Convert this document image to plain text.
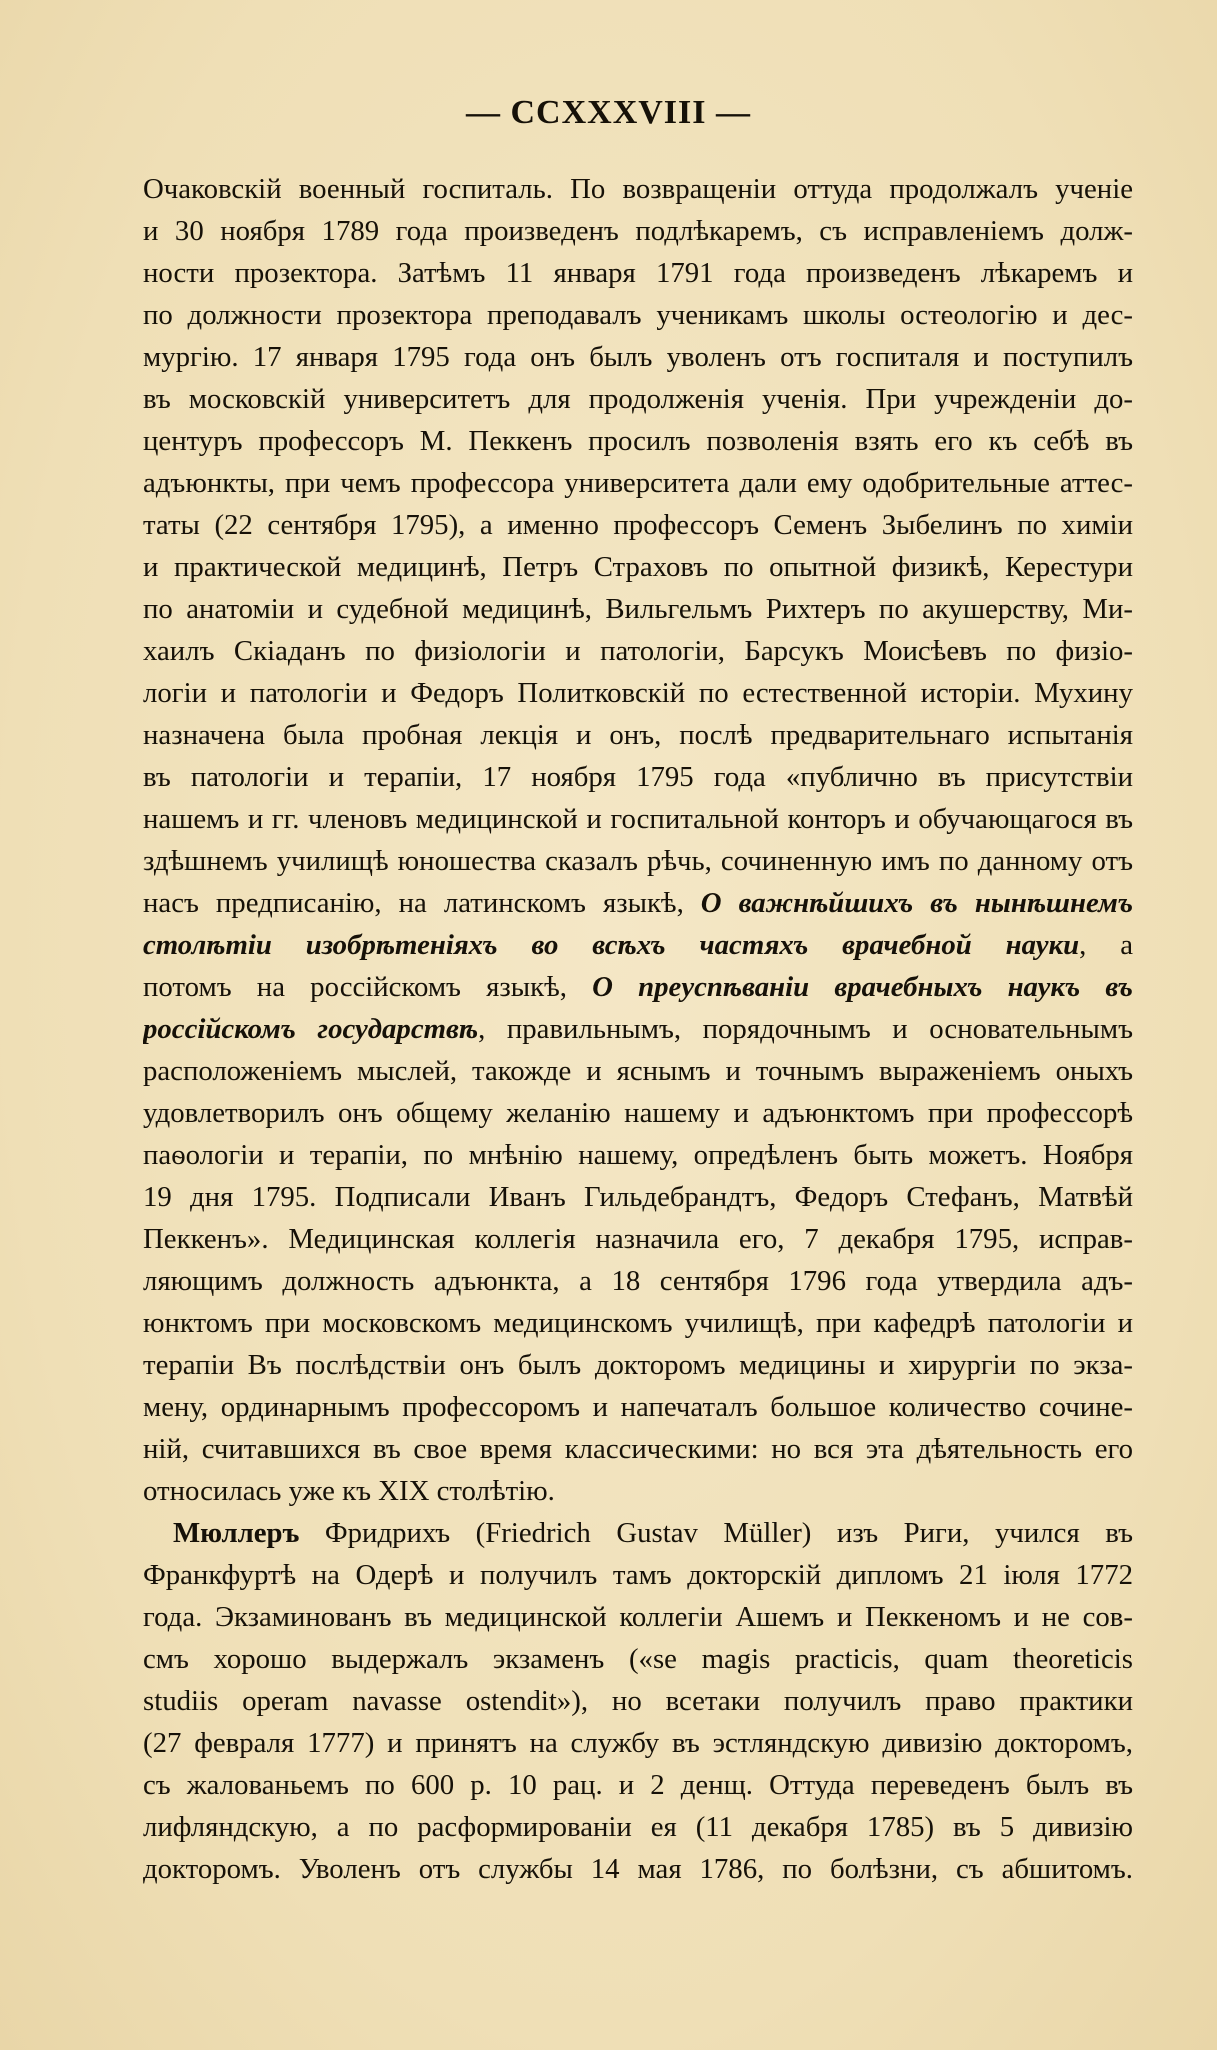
— CCXXXVIII —
Очаковскій военный госпиталь. По возвращеніи оттуда продолжалъ ученіе
и 30 ноября 1789 года произведенъ подлѣкаремъ, съ исправленіемъ долж-
ности прозектора. Затѣмъ 11 января 1791 года произведенъ лѣкаремъ и
по должности прозектора преподавалъ ученикамъ школы остеологію и дес-
мургію. 17 января 1795 года онъ былъ уволенъ отъ госпиталя и поступилъ
въ московскій университетъ для продолженія ученія. При учрежденіи до-
центуръ профессоръ М. Пеккенъ просилъ позволенія взять его къ себѣ въ
адъюнкты, при чемъ профессора университета дали ему одобрительные аттес-
таты (22 сентября 1795), а именно профессоръ Семенъ Зыбелинъ по химіи
и практической медицинѣ, Петръ Страховъ по опытной физикѣ, Керестури
по анатоміи и судебной медицинѣ, Вильгельмъ Рихтеръ по акушерству, Ми-
хаилъ Скіаданъ по физіологіи и патологіи, Барсукъ Моисѣевъ по физіо-
логіи и патологіи и Федоръ Политковскій по естественной исторіи. Мухину
назначена была пробная лекція и онъ, послѣ предварительнаго испытанія
въ патологіи и терапіи, 17 ноября 1795 года «публично въ присутствіи
нашемъ и гг. членовъ медицинской и госпитальной конторъ и обучающагося въ
здѣшнемъ училищѣ юношества сказалъ рѣчь, сочиненную имъ по данному отъ
насъ предписанію, на латинскомъ языкѣ, О важнѣйшихъ въ нынѣшнемъ
столѣтіи изобрѣтеніяхъ во всѣхъ частяхъ врачебной науки, а
потомъ на россійскомъ языкѣ, О преуспѣваніи врачебныхъ наукъ въ
россійскомъ государствѣ, правильнымъ, порядочнымъ и основательнымъ
расположеніемъ мыслей, такожде и яснымъ и точнымъ выраженіемъ оныхъ
удовлетворилъ онъ общему желанію нашему и адъюнктомъ при профессорѣ
паѳологіи и терапіи, по мнѣнію нашему, опредѣленъ быть можетъ. Ноября
19 дня 1795. Подписали Иванъ Гильдебрандтъ, Федоръ Стефанъ, Матвѣй
Пеккенъ». Медицинская коллегія назначила его, 7 декабря 1795, исправ-
ляющимъ должность адъюнкта, а 18 сентября 1796 года утвердила адъ-
юнктомъ при московскомъ медицинскомъ училищѣ, при кафедрѣ патологіи и
терапіи Въ послѣдствіи онъ былъ докторомъ медицины и хирургіи по экза-
мену, ординарнымъ профессоромъ и напечаталъ большое количество сочине-
ній, считавшихся въ свое время классическими: но вся эта дѣятельность его
относилась уже къ XIX столѣтію.
Мюллеръ Фридрихъ (Friedrich Gustav Müller) изъ Риги, учился въ
Франкфуртѣ на Одерѣ и получилъ тамъ докторскій дипломъ 21 іюля 1772
года. Экзаминованъ въ медицинской коллегіи Ашемъ и Пеккеномъ и не сов-
смъ хорошо выдержалъ экзаменъ («se magis practicis, quam theoreticis
studiis operam navasse ostendit»), но всетаки получилъ право практики
(27 февраля 1777) и принятъ на службу въ эстляндскую дивизію докторомъ,
съ жалованьемъ по 600 р. 10 рац. и 2 денщ. Оттуда переведенъ былъ въ
лифляндскую, а по расформированіи ея (11 декабря 1785) въ 5 дивизію
докторомъ. Уволенъ отъ службы 14 мая 1786, по болѣзни, съ абшитомъ.
